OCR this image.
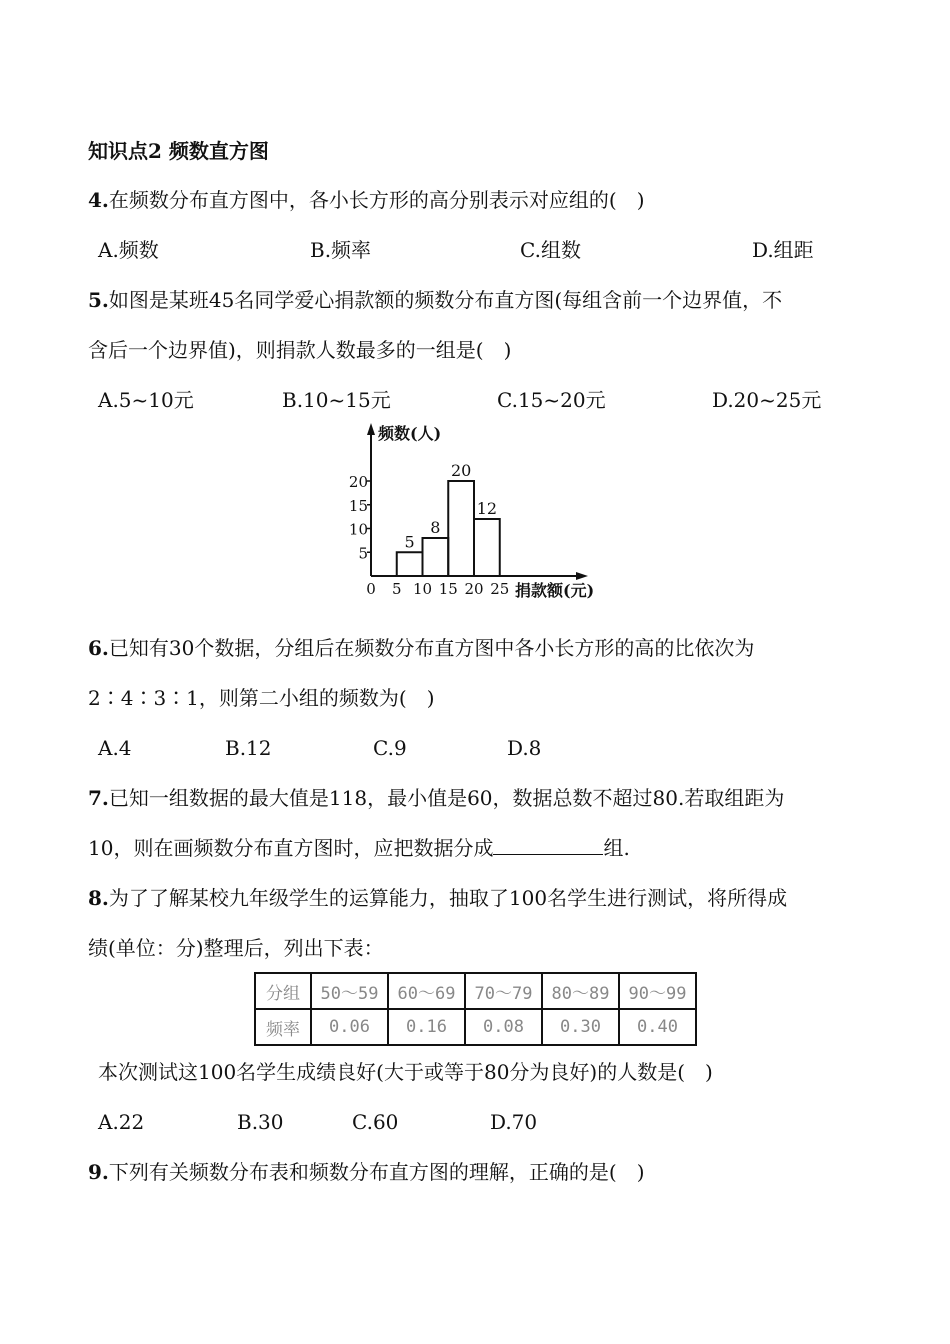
知识点2 频数直方图
4.在频数分布直方图中，各小长方形的高分别表示对应组的(　)
A.频数	B.频率	C.组数	D.组距
5.如图是某班45名同学爱心捐款额的频数分布直方图(每组含前一个边界值，不
含后一个边界值)，则捐款人数最多的一组是(　)
A.5~10元	B.10~15元	C.15~20元	D.20~25元
频数(人)
捐款额(元)
5
10
15
20
0 5 10 15 20 25
5
8
20
12
6.已知有30个数据，分组后在频数分布直方图中各小长方形的高的比依次为
2∶4∶3∶1，则第二小组的频数为(　)
A.4	B.12	C.9	D.8
7.已知一组数据的最大值是118，最小值是60，数据总数不超过80.若取组距为
10，则在画频数分布直方图时，应把数据分成	组.
8.为了了解某校九年级学生的运算能力，抽取了100名学生进行测试，将所得成
绩(单位：分)整理后，列出下表：
分组	50～59	60～69	70～79	80～89	90～99
频率	0.06	0.16	0.08	0.30	0.40
本次测试这100名学生成绩良好(大于或等于80分为良好)的人数是(　)
A.22	B.30	C.60	D.70
9.下列有关频数分布表和频数分布直方图的理解，正确的是(　)
